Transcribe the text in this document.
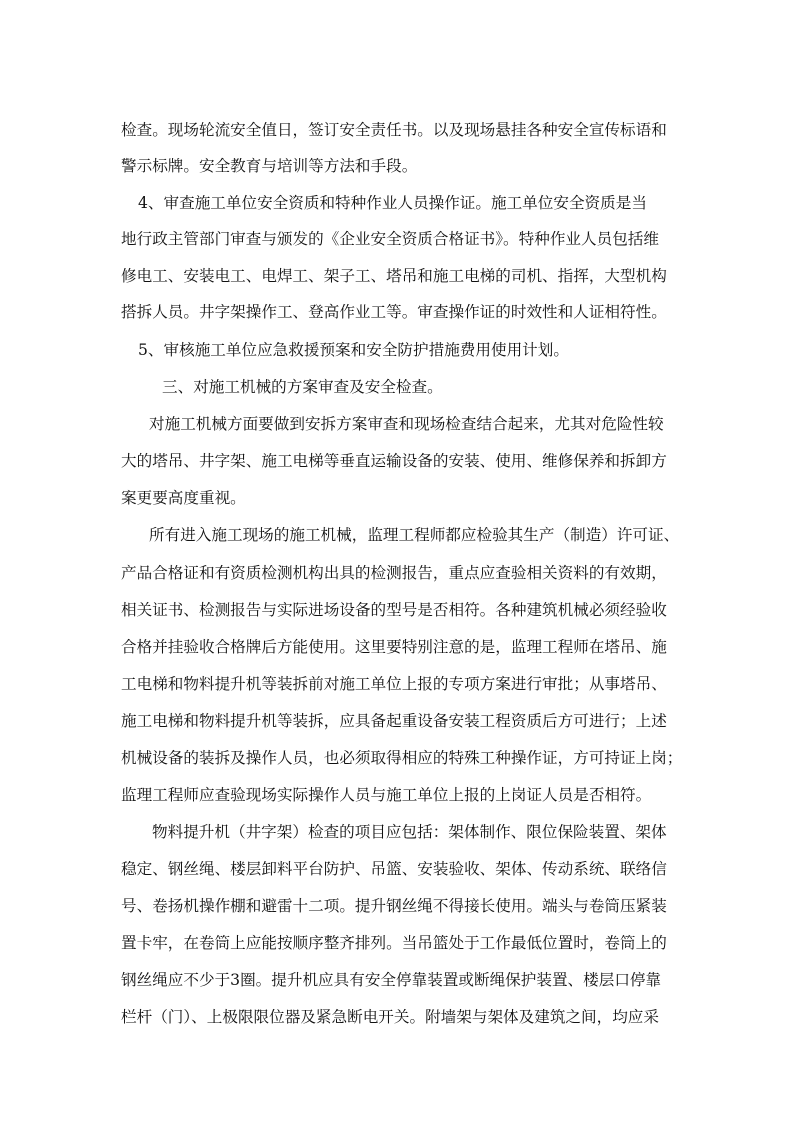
检查。现场轮流安全值日，签订安全责任书。以及现场悬挂各种安全宣传标语和

警示标牌。安全教育与培训等方法和手段。

4、审查施工单位安全资质和特种作业人员操作证。施工单位安全资质是当

地行政主管部门审查与颁发的《企业安全资质合格证书》。特种作业人员包括维

修电工、安装电工、电焊工、架子工、塔吊和施工电梯的司机、指挥，大型机构

搭拆人员。井字架操作工、登高作业工等。审查操作证的时效性和人证相符性。

5、审核施工单位应急救援预案和安全防护措施费用使用计划。

三、对施工机械的方案审查及安全检查。

对施工机械方面要做到安拆方案审查和现场检查结合起来，尤其对危险性较

大的塔吊、井字架、施工电梯等垂直运输设备的安装、使用、维修保养和拆卸方

案更要高度重视。

所有进入施工现场的施工机械，监理工程师都应检验其生产（制造）许可证、

产品合格证和有资质检测机构出具的检测报告，重点应查验相关资料的有效期，

相关证书、检测报告与实际进场设备的型号是否相符。各种建筑机械必须经验收

合格并挂验收合格牌后方能使用。这里要特别注意的是，监理工程师在塔吊、施

工电梯和物料提升机等装拆前对施工单位上报的专项方案进行审批；从事塔吊、

施工电梯和物料提升机等装拆，应具备起重设备安装工程资质后方可进行；上述

机械设备的装拆及操作人员，也必须取得相应的特殊工种操作证，方可持证上岗；

监理工程师应查验现场实际操作人员与施工单位上报的上岗证人员是否相符。

物料提升机（井字架）检查的项目应包括：架体制作、限位保险装置、架体

稳定、钢丝绳、楼层卸料平台防护、吊篮、安装验收、架体、传动系统、联络信

号、卷扬机操作棚和避雷十二项。提升钢丝绳不得接长使用。端头与卷筒压紧装

置卡牢，在卷筒上应能按顺序整齐排列。当吊篮处于工作最低位置时，卷筒上的

钢丝绳应不少于3圈。提升机应具有安全停靠装置或断绳保护装置、楼层口停靠

栏杆（门）、上极限限位器及紧急断电开关。附墙架与架体及建筑之间，均应采
